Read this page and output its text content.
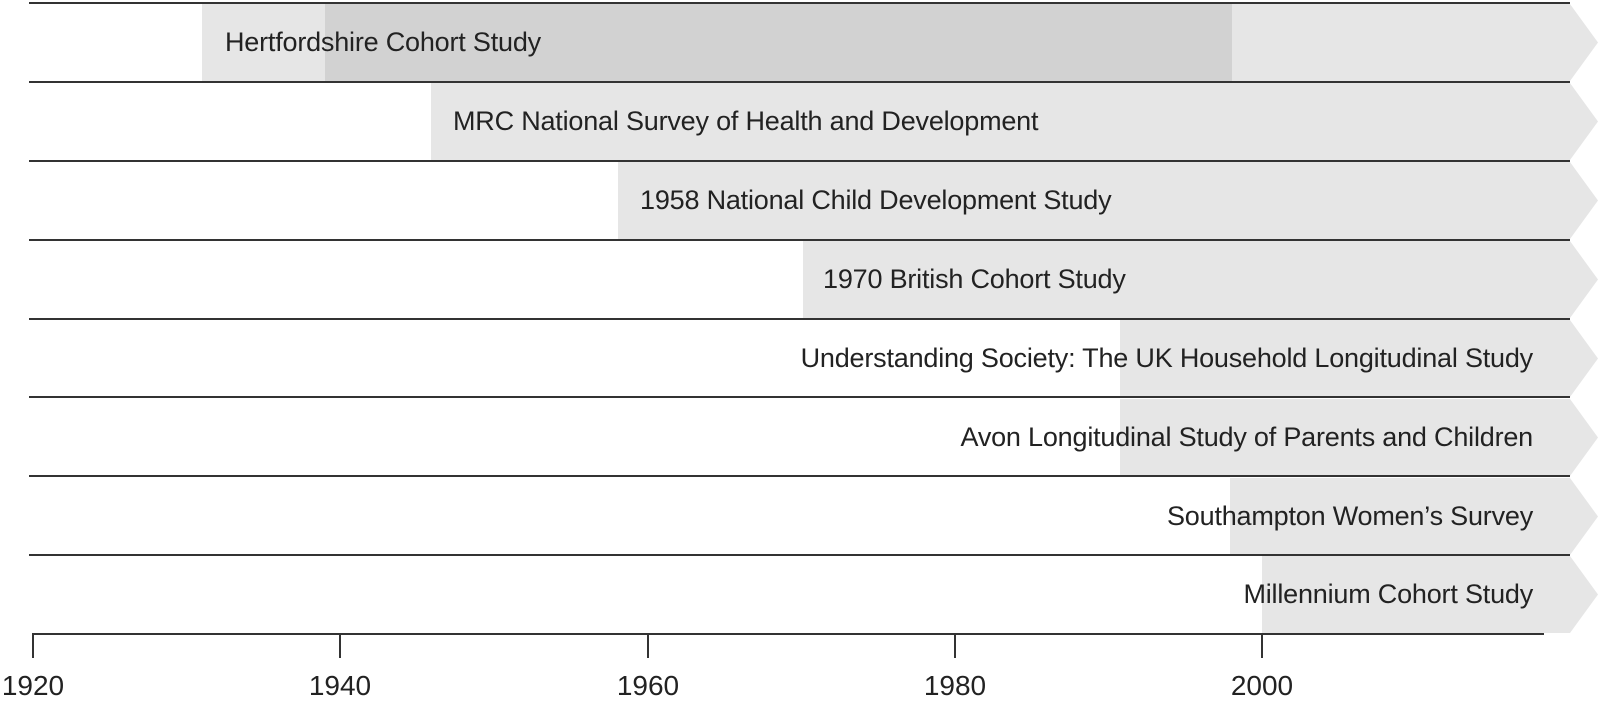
Hertfordshire Cohort Study
MRC National Survey of Health and Development
1958 National Child Development Study
1970 British Cohort Study
Understanding Society: The UK Household Longitudinal Study
Avon Longitudinal Study of Parents and Children
Southampton Women’s Survey
Millennium Cohort Study
1920	1940	1960	1980	2000
